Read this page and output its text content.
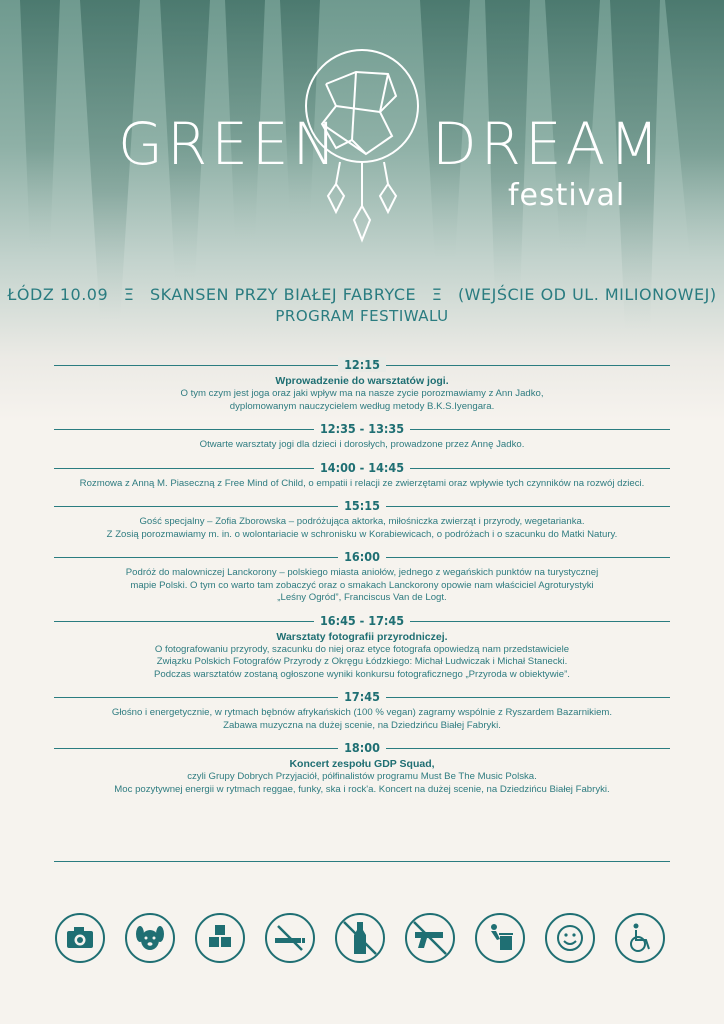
GREEN DREAM
festival
ŁÓDZ 10.09 Ξ SKANSEN PRZY BIAŁEJ FABRYCE Ξ (WEJŚCIE OD UL. MILIONOWEJ)
PROGRAM FESTIWALU
12:15
Wprowadzenie do warsztatów jogi.
O tym czym jest joga oraz jaki wpływ ma na nasze zycie porozmawiamy z Ann Jadko,
dyplomowanym nauczycielem według metody B.K.S.Iyengara.
12:35 - 13:35
Otwarte warsztaty jogi dla dzieci i dorosłych, prowadzone przez Annę Jadko.
14:00 - 14:45
Rozmowa z Anną M. Piaseczną z Free Mind of Child, o empatii i relacji ze zwierzętami oraz wpływie tych czynników na rozwój dzieci.
15:15
Gość specjalny – Zofia Zborowska – podróżująca aktorka, miłośniczka zwierząt i przyrody, wegetarianka.
Z Zosią porozmawiamy m. in. o wolontariacie w schronisku w Korabiewicach, o podróżach i o szacunku do Matki Natury.
16:00
Podróż do malowniczej Lanckorony – polskiego miasta aniołów, jednego z wegańskich punktów na turystycznej
mapie Polski. O tym co warto tam zobaczyć oraz o smakach Lanckorony opowie nam właściciel Agroturystyki
„Leśny Ogród”, Franciscus Van de Logt.
16:45 - 17:45
Warsztaty fotografii przyrodniczej.
O fotografowaniu przyrody, szacunku do niej oraz etyce fotografa opowiedzą nam przedstawiciele
Związku Polskich Fotografów Przyrody z Okręgu Łódzkiego: Michał Ludwiczak i Michał Stanecki.
Podczas warsztatów zostaną ogłoszone wyniki konkursu fotograficznego „Przyroda w obiektywie”.
17:45
Głośno i energetycznie, w rytmach bębnów afrykańskich (100 % vegan) zagramy wspólnie z Ryszardem Bazarnikiem.
Zabawa muzyczna na dużej scenie, na Dziedzińcu Białej Fabryki.
18:00
Koncert zespołu GDP Squad,
czyli Grupy Dobrych Przyjaciół, półfinalistów programu Must Be The Music Polska.
Moc pozytywnej energii w rytmach reggae, funky, ska i rock'a. Koncert na dużej scenie, na Dziedzińcu Białej Fabryki.
